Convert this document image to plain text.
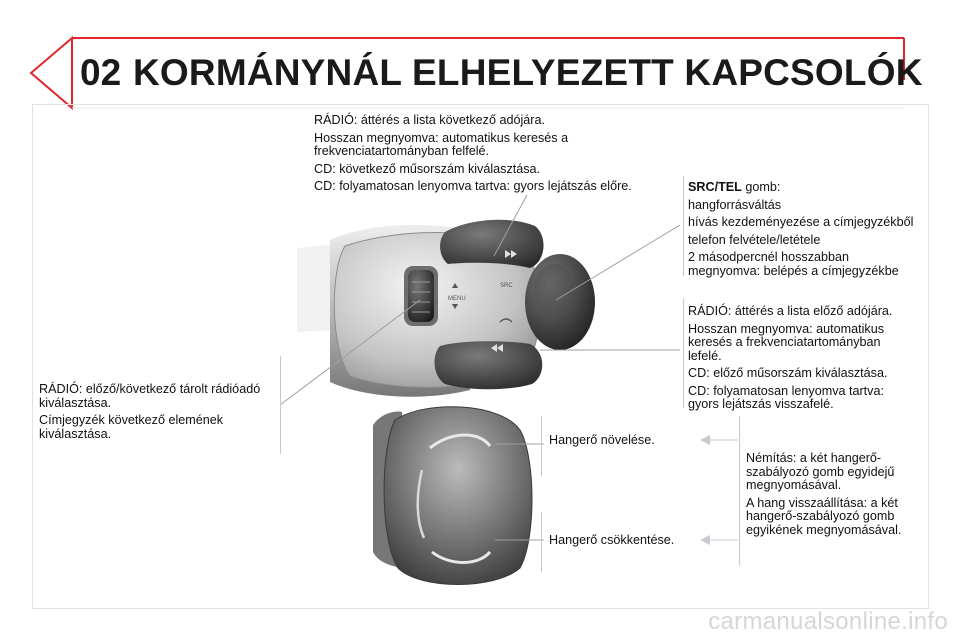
02 KORMÁNYNÁL ELHELYEZETT KAPCSOLÓK
MENU
SRC

RÁDIÓ: áttérés a lista következő adójára.

Hosszan megnyomva: automatikus keresés a frekvenciatartományban felfelé.

CD: következő műsorszám kiválasztása.

CD: folyamatosan lenyomva tartva: gyors lejátszás előre.	SRC/TEL gomb:

hangforrásváltás

hívás kezdeményezése a címjegyzékből

telefon felvétele/letétele

2 másodpercnél hosszabban megnyomva: belépés a címjegyzékbe

RÁDIÓ: áttérés a lista előző adójára.

Hosszan megnyomva: automatikus keresés a frekvenciatartományban lefelé.

CD: előző műsorszám kiválasztása.

CD: folyamatosan lenyomva tartva: gyors lejátszás visszafelé.

RÁDIÓ: előző/következő tárolt rádióadó kiválasztása.

Címjegyzék következő elemének kiválasztása.	Hangerő növelése.

Hangerő csökkentése.

Némítás: a két hangerő-szabályozó gomb egyidejű megnyomásával.

A hang visszaállítása: a két hangerő-szabályozó gomb egyikének megnyomásával.

carmanualsonline.info
